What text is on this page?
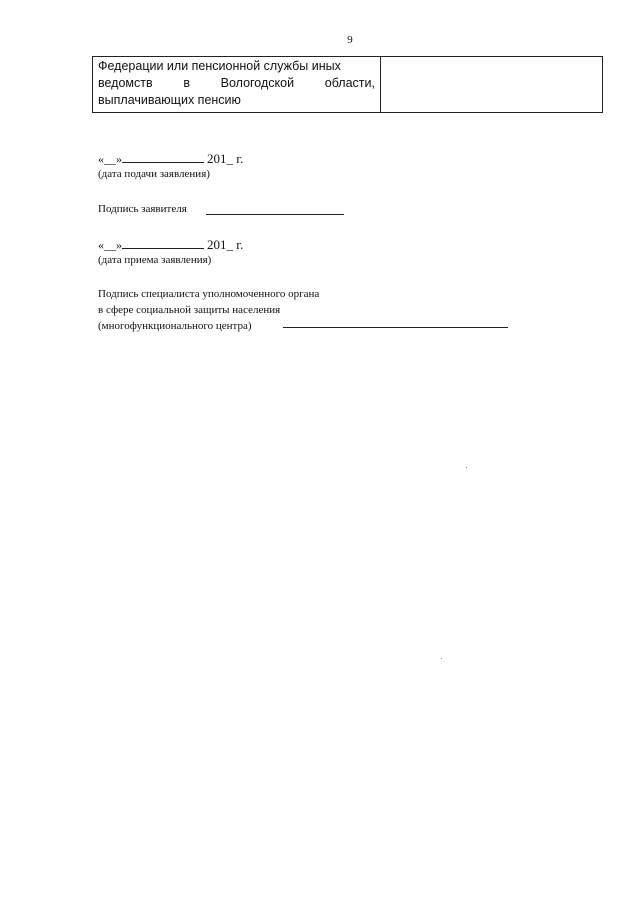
9
Федерации или пенсионной службы иных
ведомств в Вологодской области,
выплачивающих пенсию
«__»	201_ г.
(дата подачи заявления)
Подпись заявителя
«__»	201_ г.
(дата приема заявления)
Подпись специалиста уполномоченного органа
в сфере социальной защиты населения
(многофункционального центра)
